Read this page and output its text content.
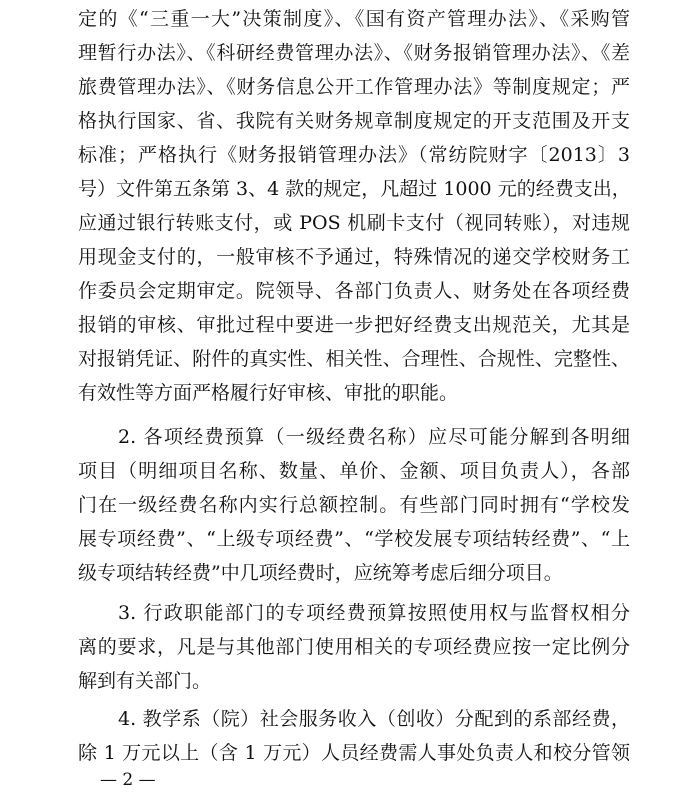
定的《“三重一大”决策制度》、《国有资产管理办法》、《采购管
理暂行办法》、《科研经费管理办法》、《财务报销管理办法》、《差
旅费管理办法》、《财务信息公开工作管理办法》等制度规定；严
格执行国家、省、我院有关财务规章制度规定的开支范围及开支
标准；严格执行《财务报销管理办法》（常纺院财字〔2013〕3
号）文件第五条第 3、4 款的规定，凡超过 1000 元的经费支出，
应通过银行转账支付，或 POS 机刷卡支付（视同转账），对违规
用现金支付的，一般审核不予通过，特殊情况的递交学校财务工
作委员会定期审定。院领导、各部门负责人、财务处在各项经费
报销的审核、审批过程中要进一步把好经费支出规范关，尤其是
对报销凭证、附件的真实性、相关性、合理性、合规性、完整性、
有效性等方面严格履行好审核、审批的职能。
2. 各项经费预算（一级经费名称）应尽可能分解到各明细
项目（明细项目名称、数量、单价、金额、项目负责人），各部
门在一级经费名称内实行总额控制。有些部门同时拥有“学校发
展专项经费”、“上级专项经费”、“学校发展专项结转经费”、“上
级专项结转经费”中几项经费时，应统筹考虑后细分项目。
3. 行政职能部门的专项经费预算按照使用权与监督权相分
离的要求，凡是与其他部门使用相关的专项经费应按一定比例分
解到有关部门。
4. 教学系（院）社会服务收入（创收）分配到的系部经费，
除 1 万元以上（含 1 万元）人员经费需人事处负责人和校分管领
— 2 —
